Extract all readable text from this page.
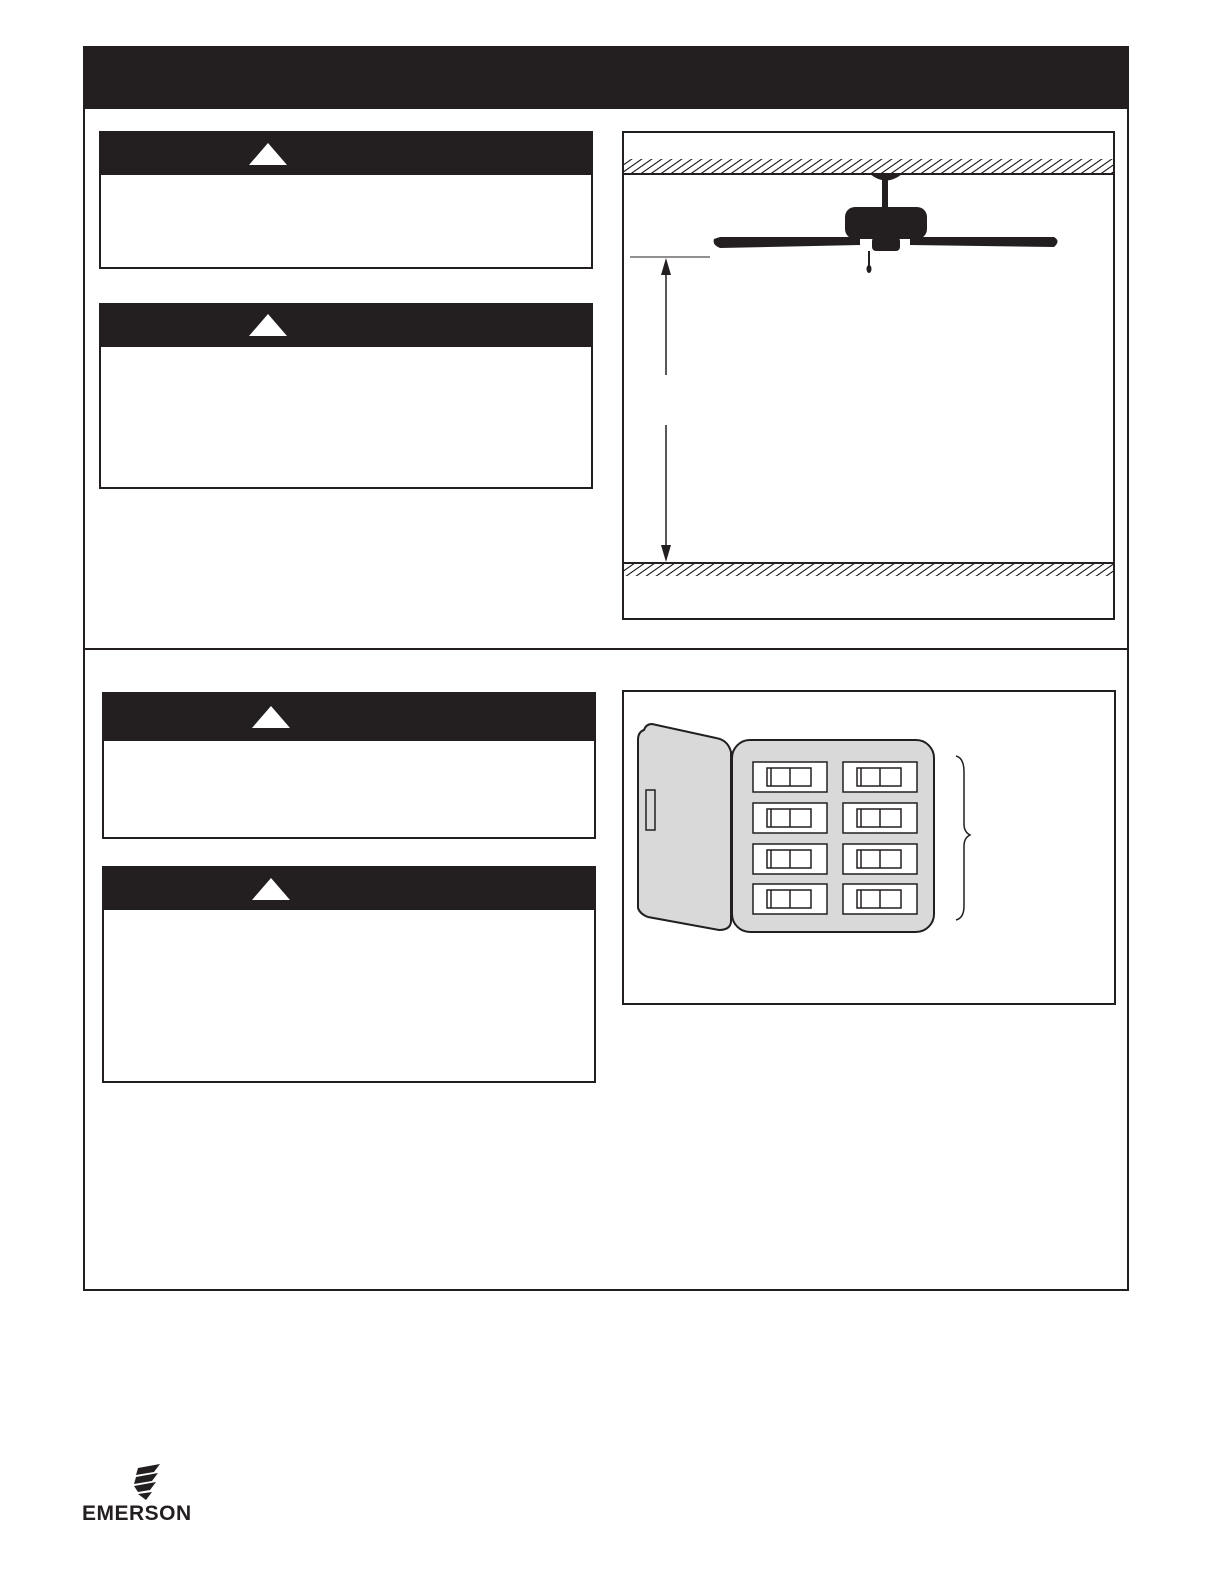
EMERSON
